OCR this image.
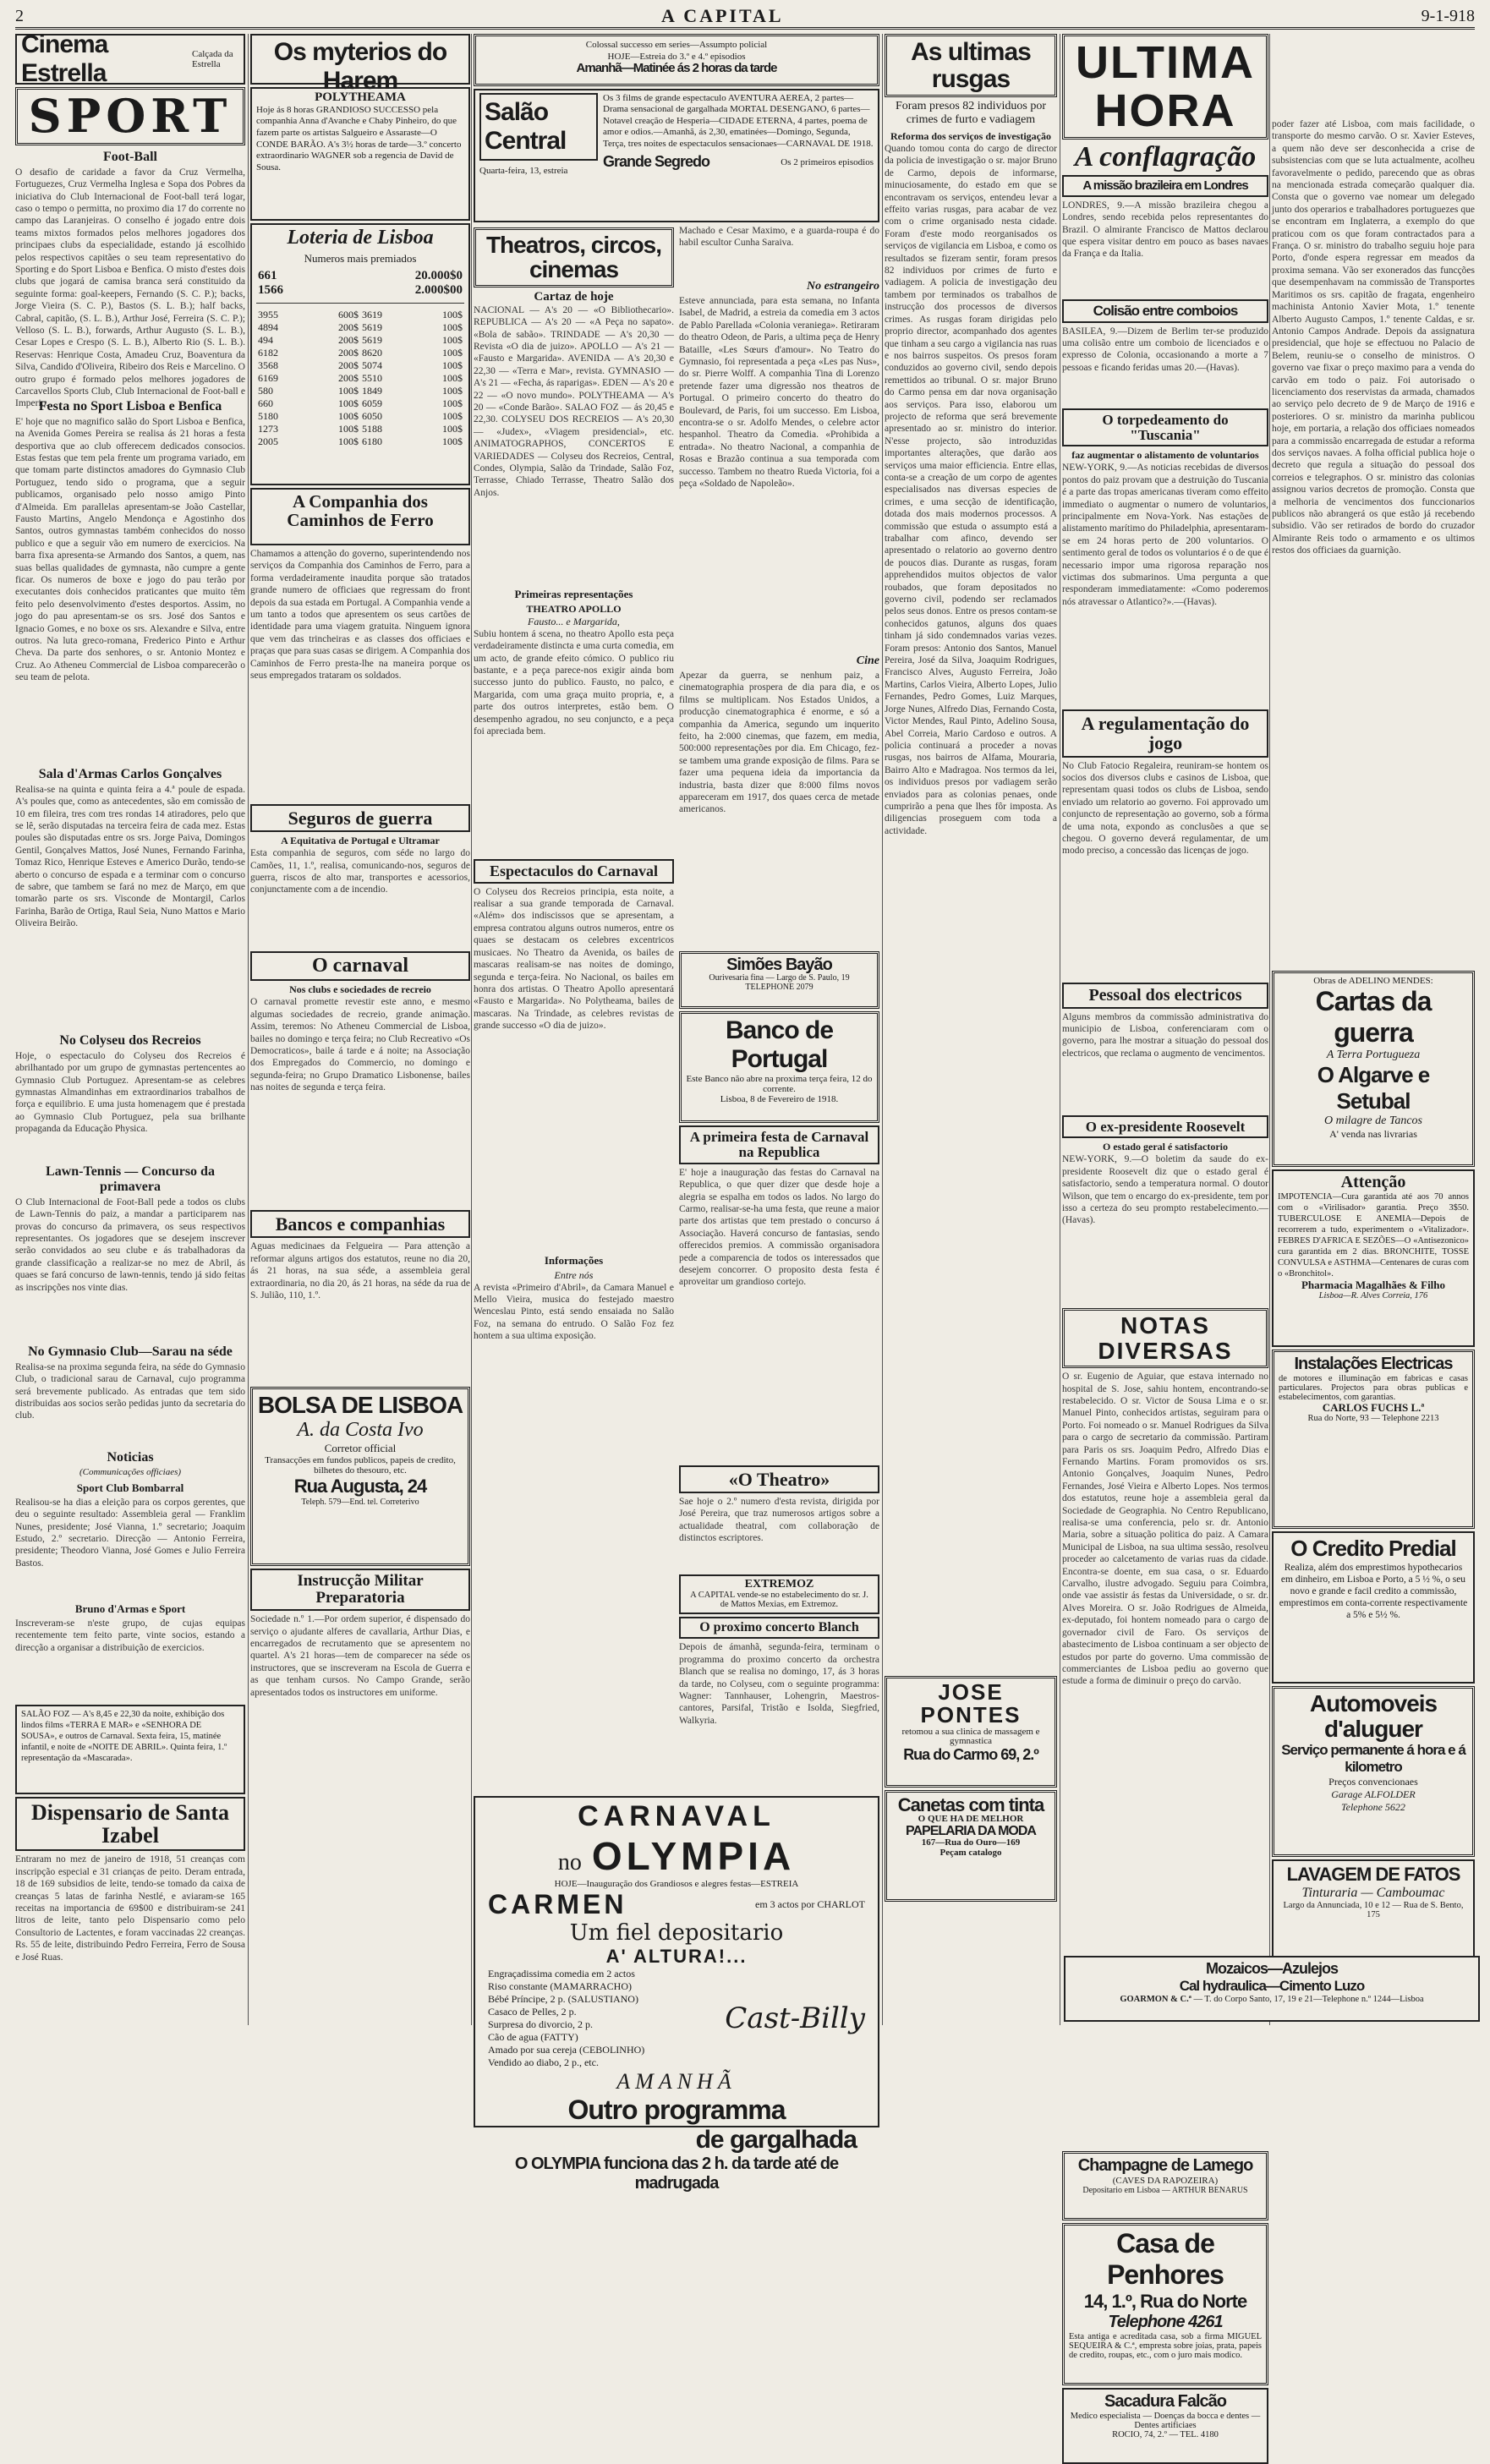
2	A CAPITAL	9-1-918
Cinema Estrella
Calçada da Estrella
SPORT
Foot-Ball
O desafio de caridade a favor da Cruz Vermelha, Fortuguezes, Cruz Vermelha Inglesa e Sopa dos Pobres da iniciativa do Club Internacional de Foot-ball terá logar, caso o tempo o permitta, no proximo dia 17 do corrente no campo das Laranjeiras. O conselho é jogado entre dois teams mixtos formados pelos melhores jogadores dos principaes clubs da especialidade, estando já escolhido pelos respectivos capitães o seu team representativo do Sporting e do Sport Lisboa e Benfica. O misto d'estes dois clubs que jogará de camisa branca será constituido da seguinte forma: goal-keepers, Fernando (S. C. P.); backs, Jorge Vieira (S. C. P.), Bastos (S. L. B.); half backs, Cabral, capitão, (S. L. B.), Arthur José, Ferreira (S. C. P.); Velloso (S. L. B.), forwards, Arthur Augusto (S. L. B.), Cesar Lopes e Crespo (S. L. B.), Alberto Rio (S. L. B.). Reservas: Henrique Costa, Amadeu Cruz, Boaventura da Silva, Candido d'Oliveira, Ribeiro dos Reis e Marcelino. O outro grupo é formado pelos melhores jogadores de Carcavellos Sports Club, Club Internacional de Foot-ball e Imperio.
Festa no Sport Lisboa e Benfica
E' hoje que no magnifico salão do Sport Lisboa e Benfica, na Avenida Gomes Pereira se realisa ás 21 horas a festa desportiva que ao club offerecem dedicados consocios. Estas festas que tem pela frente um programa variado, em que tomam parte distinctos amadores do Gymnasio Club Portuguez, tendo sido o programa, que a seguir publicamos, organisado pelo nosso amigo Pinto d'Almeida. Em parallelas apresentam-se João Castellar, Fausto Martins, Angelo Mendonça e Agostinho dos Santos, outros gymnastas também conhecidos do nosso publico e que a seguir vão em numero de exercicios. Na barra fixa apresenta-se Armando dos Santos, a quem, nas suas bellas qualidades de gymnasta, não cumpre a gente ficar. Os numeros de boxe e jogo do pau terão por executantes dois conhecidos praticantes que muito têm feito pelo desenvolvimento d'estes desportos. Assim, no jogo do pau apresentam-se os srs. José dos Santos e Ignacio Gomes, e no boxe os srs. Alexandre e Silva, entre outros. Na luta greco-romana, Frederico Pinto e Arthur Cheva. Da parte dos senhores, o sr. Antonio Montez e Cruz. Ao Atheneu Commercial de Lisboa comparecerão o seu team de pelota.
Sala d'Armas Carlos Gonçalves
Realisa-se na quinta e quinta feira a 4.ª poule de espada. A's poules que, como as antecedentes, são em comissão de 10 em fileira, tres com tres rondas 14 atiradores, pelo que se lê, serão disputadas na terceira feira de cada mez. Estas poules são disputadas entre os srs. Jorge Paiva, Domingos Gentil, Gonçalves Mattos, José Nunes, Fernando Farinha, Tomaz Rico, Henrique Esteves e Americo Durão, tendo-se aberto o concurso de espada e a terminar com o concurso de sabre, que tambem se fará no mez de Março, em que tomarão parte os srs. Visconde de Montargil, Carlos Farinha, Barão de Ortiga, Raul Seia, Nuno Mattos e Mario Oliveira Beirão.
No Colyseu dos Recreios
Hoje, o espectaculo do Colyseu dos Recreios é abrilhantado por um grupo de gymnastas pertencentes ao Gymnasio Club Portuguez. Apresentam-se as celebres gymnastas Almandinhas em extraordinarios trabalhos de força e equilibrio. E uma justa homenagem que é prestada ao Gymnasio Club Portuguez, pela sua brilhante propaganda da Educação Physica.
Lawn-Tennis — Concurso da primavera
O Club Internacional de Foot-Ball pede a todos os clubs de Lawn-Tennis do paiz, a mandar a participarem nas provas do concurso da primavera, os seus respectivos representantes. Os jogadores que se desejem inscrever serão convidados ao seu clube e ás trabalhadoras da grande classificação a realizar-se no mez de Abril, ás quaes se fará concurso de lawn-tennis, tendo já sido feitas as inscripções nos vinte dias.
No Gymnasio Club—Sarau na séde
Realisa-se na proxima segunda feira, na séde do Gymnasio Club, o tradicional sarau de Carnaval, cujo programma será brevemente publicado. As entradas que tem sido distribuidas aos socios serão pedidas junto da secretaria do club.
Noticias
(Communicações officiaes)
Sport Club Bombarral
Realisou-se ha dias a eleição para os corpos gerentes, que deu o seguinte resultado: Assembleia geral — Franklim Nunes, presidente; José Vianna, 1.º secretario; Joaquim Estudo, 2.º secretario. Direcção — Antonio Ferreira, presidente; Theodoro Vianna, José Gomes e Julio Ferreira Bastos.
Bruno d'Armas e Sport
Inscreveram-se n'este grupo, de cujas equipas recentemente tem feito parte, vinte socios, estando a direcção a organisar a distribuição de exercicios.
SALÃO FOZ — A's 8,45 e 22,30 da noite, exhibição dos lindos films «TERRA E MAR» e «SENHORA DE SOUSA», e outros de Carnaval. Sexta feira, 15, matinée infantil, e noite de «NOITE DE ABRIL». Quinta feira, 1.º representação da «Mascarada».
Dispensario de Santa Izabel
Entraram no mez de janeiro de 1918, 51 creanças com inscripção especial e 31 crianças de peito. Deram entrada, 18 de 169 subsidios de leite, tendo-se tomado da caixa de creanças 5 latas de farinha Nestlé, e aviaram-se 165 receitas na importancia de 69$00 e distribuiram-se 241 litros de leite, tanto pelo Dispensario como pelo Consultorio de Lactentes, e foram vaccinadas 22 creanças. Rs. 55 de leite, distribuindo Pedro Ferreira, Ferro de Sousa e José Ruas.
Os myterios do Harem
POLYTHEAMA
Hoje ás 8 horas GRANDIOSO SUCCESSO pela companhia Anna d'Avanche e Chaby Pinheiro, do que fazem parte os artistas Salgueiro e Assaraste—O CONDE BARÃO. A's 3½ horas de tarde—3.º concerto extraordinario WAGNER sob a regencia de David de Sousa.
Loteria de Lisboa
Numeros mais premiados
661	20.000$0
1566	2.000$00
3955	600$	3619	100$
4894	200$	5619	100$
494	200$	5619	100$
6182	200$	8620	100$
3568	200$	5074	100$
6169	200$	5510	100$
580	100$	1849	100$
660	100$	6059	100$
5180	100$	6050	100$
1273	100$	5188	100$
2005	100$	6180	100$
A Companhia dos Caminhos de Ferro
Chamamos a attenção do governo, superintendendo nos serviços da Companhia dos Caminhos de Ferro, para a forma verdadeiramente inaudita porque são tratados grande numero de officiaes que regressam do front depois da sua estada em Portugal. A Companhia vende a um tanto a todos que apresentem os seus cartões de identidade para uma viagem gratuita. Ninguem ignora que vem das trincheiras e as classes dos officiaes e praças que para suas casas se dirigem. A Companhia dos Caminhos de Ferro presta-lhe na maneira porque os seus empregados trataram os soldados.
Seguros de guerra
A Equitativa de Portugal e Ultramar
Esta companhia de seguros, com séde no largo do Camões, 11, 1.º, realisa, comunicando-nos, seguros de guerra, riscos de alto mar, transportes e acessorios, conjunctamente com a de incendio.
O carnaval
Nos clubs e sociedades de recreio
O carnaval promette revestir este anno, e mesmo algumas sociedades de recreio, grande animação. Assim, teremos: No Atheneu Commercial de Lisboa, bailes no domingo e terça feira; no Club Recreativo «Os Democraticos», baile á tarde e á noite; na Associação dos Empregados do Commercio, no domingo e segunda-feira; no Grupo Dramatico Lisbonense, bailes nas noites de segunda e terça feira.
Bancos e companhias
Aguas medicinaes da Felgueira — Para attenção a reformar alguns artigos dos estatutos, reune no dia 20, ás 21 horas, na sua séde, a assembleia geral extraordinaria, no dia 20, ás 21 horas, na séde da rua de S. Julião, 110, 1.º.
BOLSA DE LISBOA
A. da Costa Ivo
Corretor official
Transacções em fundos publicos, papeis de credito, bilhetes do thesouro, etc.
Rua Augusta, 24
Teleph. 579—End. tel. Correterivo
Instrucção Militar Preparatoria
Sociedade n.º 1.—Por ordem superior, é dispensado do serviço o ajudante alferes de cavallaria, Arthur Dias, e encarregados de recrutamento que se apresentem no quartel. A's 21 horas—tem de comparecer na séde os instructores, que se inscreveram na Escola de Guerra e as que tenham cursos. No Campo Grande, serão apresentados todos os instructores em uniforme.
Colossal successo em series—Assumpto policial
HOJE—Estreia do 3.º e 4.º episodios
Amanhã—Matinée ás 2 horas da tarde
Salão Central
Quarta-feira, 13, estreia
Os 3 films de grande espectaculo AVENTURA AEREA, 2 partes—Drama sensacional de gargalhada MORTAL DESENGANO, 6 partes—Notavel creação de Hesperia—CIDADE ETERNA, 4 partes, poema de amor e odios.—Amanhã, ás 2,30, ematinées—Domingo, Segunda, Terça, tres noites de espectaculos sensacionaes—CARNAVAL DE 1918.
Grande Segredo	Os 2 primeiros episodios
Theatros, circos, cinemas
Cartaz de hoje
NACIONAL — A's 20 — «O Bibliothecario». REPUBLICA — A's 20 — «A Peça no sapato». «Bola de sabão». TRINDADE — A's 20,30 — Revista «O dia de juizo». APOLLO — A's 21 — «Fausto e Margarida». AVENIDA — A's 20,30 e 22,30 — «Terra e Mar», revista. GYMNASIO — A's 21 — «Fecha, ás raparigas». EDEN — A's 20 e 22 — «O novo mundo». POLYTHEAMA — A's 20 — «Conde Barão». SALAO FOZ — ás 20,45 e 22,30. COLYSEU DOS RECREIOS — A's 20,30 — «Judex», «Viagem presidencial», etc. ANIMATOGRAPHOS, CONCERTOS E VARIEDADES — Colyseu dos Recreios, Central, Condes, Olympia, Salão da Trindade, Salão Foz, Terrasse, Chiado Terrasse, Theatro Salão dos Anjos.
Primeiras representações
THEATRO APOLLO
Fausto... e Margarida,
Subiu hontem á scena, no theatro Apollo esta peça verdadeiramente distincta e uma curta comedia, em um acto, de grande efeito cómico. O publico riu bastante, e a peça parece-nos exigir ainda bom successo junto do publico. Fausto, no palco, e Margarida, com uma graça muito propria, e, a parte dos outros interpretes, estão bem. O desempenho agradou, no seu conjuncto, e a peça foi apreciada bem.
Espectaculos do Carnaval
O Colyseu dos Recreios principia, esta noite, a realisar a sua grande temporada de Carnaval. «Além» dos indiscissos que se apresentam, a empresa contratou alguns outros numeros, entre os quaes se destacam os celebres excentricos musicaes. No Theatro da Avenida, os bailes de mascaras realisam-se nas noites de domingo, segunda e terça-feira. No Nacional, os bailes em honra dos artistas. O Theatro Apollo apresentará «Fausto e Margarida». No Polytheama, bailes de mascaras. Na Trindade, as celebres revistas de grande successo «O dia de juizo».
Informações
Entre nós
A revista «Primeiro d'Abril», da Camara Manuel e Mello Vieira, musica do festejado maestro Wenceslau Pinto, está sendo ensaiada no Salão Foz, na semana do entrudo. O Salão Foz fez hontem a sua ultima exposição.
Machado e Cesar Maximo, e a guarda-roupa é do habil escultor Cunha Saraiva.
No estrangeiro
Esteve annunciada, para esta semana, no Infanta Isabel, de Madrid, a estreia da comedia em 3 actos de Pablo Parellada «Colonia veraniega». Retiraram do theatro Odeon, de Paris, a ultima peça de Henry Bataille, «Les Sœurs d'amour». No Teatro do Gymnasio, foi representada a peça «Les pas Nus», do sr. Pierre Wolff. A companhia Tina di Lorenzo pretende fazer uma digressão nos theatros de Portugal. O primeiro concerto do theatro do Boulevard, de Paris, foi um successo. Em Lisboa, encontra-se o sr. Adolfo Mendes, o celebre actor hespanhol. Theatro da Comedia. «Prohibida a entrada». No theatro Nacional, a companhia de Rosas e Brazão continua a sua temporada com successo. Tambem no theatro Rueda Victoria, foi a peça «Soldado de Napoleão».
Cine
Apezar da guerra, se nenhum paiz, a cinematographia prospera de dia para dia, e os films se multiplicam. Nos Estados Unidos, a producção cinematographica é enorme, e só a companhia da America, segundo um inquerito feito, ha 2:000 cinemas, que fazem, em media, 500:000 representações por dia. Em Chicago, fez-se tambem uma grande exposição de films. Para se fazer uma pequena ideia da importancia da industria, basta dizer que 8:000 films novos appareceram em 1917, dos quaes cerca de metade americanos.
Simões Bayão
Ourivesaria fina — Largo de S. Paulo, 19
TELEPHONE 2079
Banco de Portugal
Este Banco não abre na proxima terça feira, 12 do corrente.
Lisboa, 8 de Fevereiro de 1918.
A primeira festa de Carnaval na Republica
E' hoje a inauguração das festas do Carnaval na Republica, o que quer dizer que desde hoje a alegria se espalha em todos os lados. No largo do Carmo, realisar-se-ha uma festa, que reune a maior parte dos artistas que tem prestado o concurso á Associação. Haverá concurso de fantasias, sendo offerecidos premios. A commissão organisadora pede a comparencia de todos os interessados que desejem concorrer. O proposito desta festa é aproveitar um grandioso cortejo.
«O Theatro»
Sae hoje o 2.º numero d'esta revista, dirigida por José Pereira, que traz numerosos artigos sobre a actualidade theatral, com collaboração de distinctos escriptores.
EXTREMOZ
A CAPITAL vende-se no estabelecimento do sr. J. de Mattos Mexias, em Extremoz.
O proximo concerto Blanch
Depois de ámanhã, segunda-feira, terminam o programma do proximo concerto da orchestra Blanch que se realisa no domingo, 17, ás 3 horas da tarde, no Colyseu, com o seguinte programma: Wagner: Tannhauser, Lohengrin, Maestros-cantores, Parsifal, Tristão e Isolda, Siegfried, Walkyria.
CARNAVAL
no OLYMPIA
HOJE—Inauguração dos Grandiosos e alegres festas—ESTREIA
CARMEN	em 3 actos por CHARLOT
Um fiel depositario
A' ALTURA!...
Engraçadissima comedia em 2 actos
Riso constante (MAMARRACHO)
Bébé Príncipe, 2 p. (SALUSTIANO)
Casaco de Pelles, 2 p.
Surpresa do divorcio, 2 p.
Cão de agua (FATTY)
Amado por sua cereja (CEBOLINHO)
Vendido ao diabo, 2 p., etc.
Cast-Billy
AMANHÃ
Outro programma
de gargalhada
O OLYMPIA funciona das 2 h. da tarde até de madrugada
As ultimas rusgas
Foram presos 82 individuos por crimes de furto e vadiagem
Reforma dos serviços de investigação
Quando tomou conta do cargo de director da policia de investigação o sr. major Bruno de Carmo, depois de informarse, minuciosamente, do estado em que se encontravam os serviços, entendeu levar a effeito varias rusgas, para acabar de vez com o crime organisado nesta cidade. Foram d'este modo reorganisados os serviços de vigilancia em Lisboa, e como os resultados se fizeram sentir, foram presos 82 individuos por crimes de furto e vadiagem. A policia de investigação deu tambem por terminados os trabalhos de instrucção dos processos de diversos crimes. As rusgas foram dirigidas pelo proprio director, acompanhado dos agentes que tinham a seu cargo a vigilancia nas ruas e nos bairros suspeitos. Os presos foram conduzidos ao governo civil, sendo depois remettidos ao tribunal. O sr. major Bruno do Carmo pensa em dar nova organisação aos serviços. Para isso, elaborou um projecto de reforma que será brevemente apresentado ao sr. ministro do interior. N'esse projecto, são introduzidas importantes alterações, que darão aos serviços uma maior efficiencia. Entre ellas, conta-se a creação de um corpo de agentes especialisados nas diversas especies de crimes, e uma secção de identificação, dotada dos mais modernos processos. A commissão que estuda o assumpto está a trabalhar com afinco, devendo ser apresentado o relatorio ao governo dentro de poucos dias. Durante as rusgas, foram apprehendidos muitos objectos de valor roubados, que foram depositados no governo civil, podendo ser reclamados pelos seus donos. Entre os presos contam-se conhecidos gatunos, alguns dos quaes tinham já sido condemnados varias vezes. Foram presos: Antonio dos Santos, Manuel Pereira, José da Silva, Joaquim Rodrigues, Francisco Alves, Augusto Ferreira, João Martins, Carlos Vieira, Alberto Lopes, Julio Fernandes, Pedro Gomes, Luiz Marques, Jorge Nunes, Alfredo Dias, Fernando Costa, Victor Mendes, Raul Pinto, Adelino Sousa, Abel Correia, Mario Cardoso e outros. A policia continuará a proceder a novas rusgas, nos bairros de Alfama, Mouraria, Bairro Alto e Madragoa. Nos termos da lei, os individuos presos por vadiagem serão enviados para as colonias penaes, onde cumprirão a pena que lhes fôr imposta. As diligencias proseguem com toda a actividade.
JOSE PONTES
retomou a sua clinica de massagem e gymnastica
Rua do Carmo 69, 2.º
Canetas com tinta
O QUE HA DE MELHOR
PAPELARIA DA MODA
167—Rua do Ouro—169
Peçam catalogo
ULTIMA HORA
A conflagração
A missão brazileira em Londres
LONDRES, 9.—A missão brazileira chegou a Londres, sendo recebida pelos representantes do Brazil. O almirante Francisco de Mattos declarou que espera visitar dentro em pouco as bases navaes da França e da Italia.
Colisão entre comboios
BASILEA, 9.—Dizem de Berlim ter-se produzido uma colisão entre um comboio de licenciados e o expresso de Colonia, occasionando a morte a 7 pessoas e ficando feridas umas 20.—(Havas).
O torpedeamento do "Tuscania"
faz augmentar o alistamento de voluntarios
NEW-YORK, 9.—As noticias recebidas de diversos pontos do paiz provam que a destruição do Tuscania é a parte das tropas americanas tiveram como effeito immediato o augmentar o numero de voluntarios, principalmente em Nova-York. Nas estações de alistamento marítimo do Philadelphia, apresentaram-se em 24 horas perto de 200 voluntarios. O sentimento geral de todos os voluntarios é o de que é necessario impor uma rigorosa reparação nos victimas dos submarinos. Uma pergunta a que responderam immediatamente: «Como poderemos nós atravessar o Atlantico?».—(Havas).
A regulamentação do jogo
No Club Fatocio Regaleira, reuniram-se hontem os socios dos diversos clubs e casinos de Lisboa, que representam quasi todos os clubs de Lisboa, sendo enviado um relatorio ao governo. Foi approvado um conjuncto de representação ao governo, sob a fórma de uma nota, expondo as conclusões a que se chegou. O governo deverá regulamentar, de um modo preciso, a concessão das licenças de jogo.
Pessoal dos electricos
Alguns membros da commissão administrativa do municipio de Lisboa, conferenciaram com o governo, para lhe mostrar a situação do pessoal dos electricos, que reclama o augmento de vencimentos.
O ex-presidente Roosevelt
O estado geral é satisfactorio
NEW-YORK, 9.—O boletim da saude do ex-presidente Roosevelt diz que o estado geral é satisfactorio, sendo a temperatura normal. O doutor Wilson, que tem o encargo do ex-presidente, tem por isso a certeza do seu prompto restabelecimento.—(Havas).
NOTAS DIVERSAS
O sr. Eugenio de Aguiar, que estava internado no hospital de S. Jose, sahiu hontem, encontrando-se restabelecido. O sr. Victor de Sousa Lima e o sr. Manuel Pinto, conhecidos artistas, seguiram para o Porto. Foi nomeado o sr. Manuel Rodrigues da Silva para o cargo de secretario da commissão. Partiram para Paris os srs. Joaquim Pedro, Alfredo Dias e Fernando Martins. Foram promovidos os srs. Antonio Gonçalves, Joaquim Nunes, Pedro Fernandes, José Vieira e Alberto Lopes. Nos termos dos estatutos, reune hoje a assembleia geral da Sociedade de Geographia. No Centro Republicano, realisa-se uma conferencia, pelo sr. dr. Antonio Maria, sobre a situação politica do paiz. A Camara Municipal de Lisboa, na sua ultima sessão, resolveu proceder ao calcetamento de varias ruas da cidade. Encontra-se doente, em sua casa, o sr. Eduardo Carvalho, ilustre advogado. Seguiu para Coimbra, onde vae assistir ás festas da Universidade, o sr. dr. Alves Moreira. O sr. João Rodrigues de Almeida, ex-deputado, foi hontem nomeado para o cargo de governador civil de Faro. Os serviços de abastecimento de Lisboa continuam a ser objecto de estudos por parte do governo. Uma commissão de commerciantes de Lisboa pediu ao governo que estude a forma de diminuir o preço do carvão.
Champagne de Lamego
(CAVES DA RAPOZEIRA)
Depositario em Lisboa — ARTHUR BENARUS
Casa de Penhores
14, 1.º, Rua do Norte
Telephone 4261
Esta antiga e acreditada casa, sob a firma MIGUEL SEQUEIRA & C.ª, empresta sobre joias, prata, papeis de credito, roupas, etc., com o juro mais modico.
Sacadura Falcão
Medico especialista — Doenças da bocca e dentes — Dentes artificiaes
ROCIO, 74, 2.º — TEL. 4180
poder fazer até Lisboa, com mais facilidade, o transporte do mesmo carvão. O sr. Xavier Esteves, a quem não deve ser desconhecida a crise de subsistencias com que se luta actualmente, acolheu favoravelmente o pedido, parecendo que as obras na mencionada estrada começarão qualquer dia. Consta que o governo vae nomear um delegado junto dos operarios e trabalhadores portuguezes que se encontram em Inglaterra, a exemplo do que praticou com os que foram contractados para a França. O sr. ministro do trabalho seguiu hoje para Porto, d'onde espera regressar em meados da proxima semana. Vão ser exonerados das funcções que desempenhavam na commissão de Transportes Maritimos os srs. capitão de fragata, engenheiro machinista Antonio Xavier Mota, 1.º tenente Alberto Augusto Campos, 1.º tenente Caldas, e sr. Antonio Campos Andrade. Depois da assignatura presidencial, que hoje se effectuou no Palacio de Belem, reuniu-se o conselho de ministros. O governo vae fixar o preço maximo para a venda do carvão em todo o paiz. Foi autorisado o licenciamento dos reservistas da armada, chamados ao serviço pelo decreto de 9 de Março de 1916 e posteriores. O sr. ministro da marinha publicou hoje, em portaria, a relação dos officiaes nomeados para a commissão encarregada de estudar a reforma dos serviços navaes. A folha official publica hoje o decreto que regula a situação do pessoal dos correios e telegraphos. O sr. ministro das colonias assignou varios decretos de promoção. Consta que a melhoria de vencimentos dos funccionarios publicos não abrangerá os que estão já recebendo subsidio. Vão ser retirados de bordo do cruzador Almirante Reis todo o armamento e os ultimos restos dos officiaes da guarnição.
Obras de ADELINO MENDES:
Cartas da guerra
A Terra Portugueza
O Algarve e Setubal
O milagre de Tancos
A' venda nas livrarias
Attenção
IMPOTENCIA—Cura garantida até aos 70 annos com o «Virilisador» garantia. Preço 3$50. TUBERCULOSE E ANEMIA—Depois de recorrerem a tudo, experimentem o «Vitalizador». FEBRES D'AFRICA E SEZÕES—O «Antisezonico» cura garantida em 2 dias. BRONCHITE, TOSSE CONVULSA e ASTHMA—Centenares de curas com o «Bronchitol».
Pharmacia Magalhães & Filho
Lisboa—R. Alves Correia, 176
Instalações Electricas
de motores e illuminação em fabricas e casas particulares. Projectos para obras publicas e estabelecimentos, com garantias.
CARLOS FUCHS L.ª
Rua do Norte, 93 — Telephone 2213
O Credito Predial
Realiza, além dos emprestimos hypothecarios em dinheiro, em Lisboa e Porto, a 5 ½ %, o seu novo e grande e facil credito a commissão, emprestimos em conta-corrente respectivamente a 5% e 5½ %.
Automoveis d'aluguer
Serviço permanente á hora e á kilometro
Preços convencionaes
Garage ALFOLDER
Telephone 5622
LAVAGEM DE FATOS
Tinturaria — Camboumac
Largo da Annunciada, 10 e 12 — Rua de S. Bento, 175
Mozaicos—Azulejos
Cal hydraulica—Cimento Luzo
GOARMON & C.ª — T. do Corpo Santo, 17, 19 e 21—Telephone n.º 1244—Lisboa
